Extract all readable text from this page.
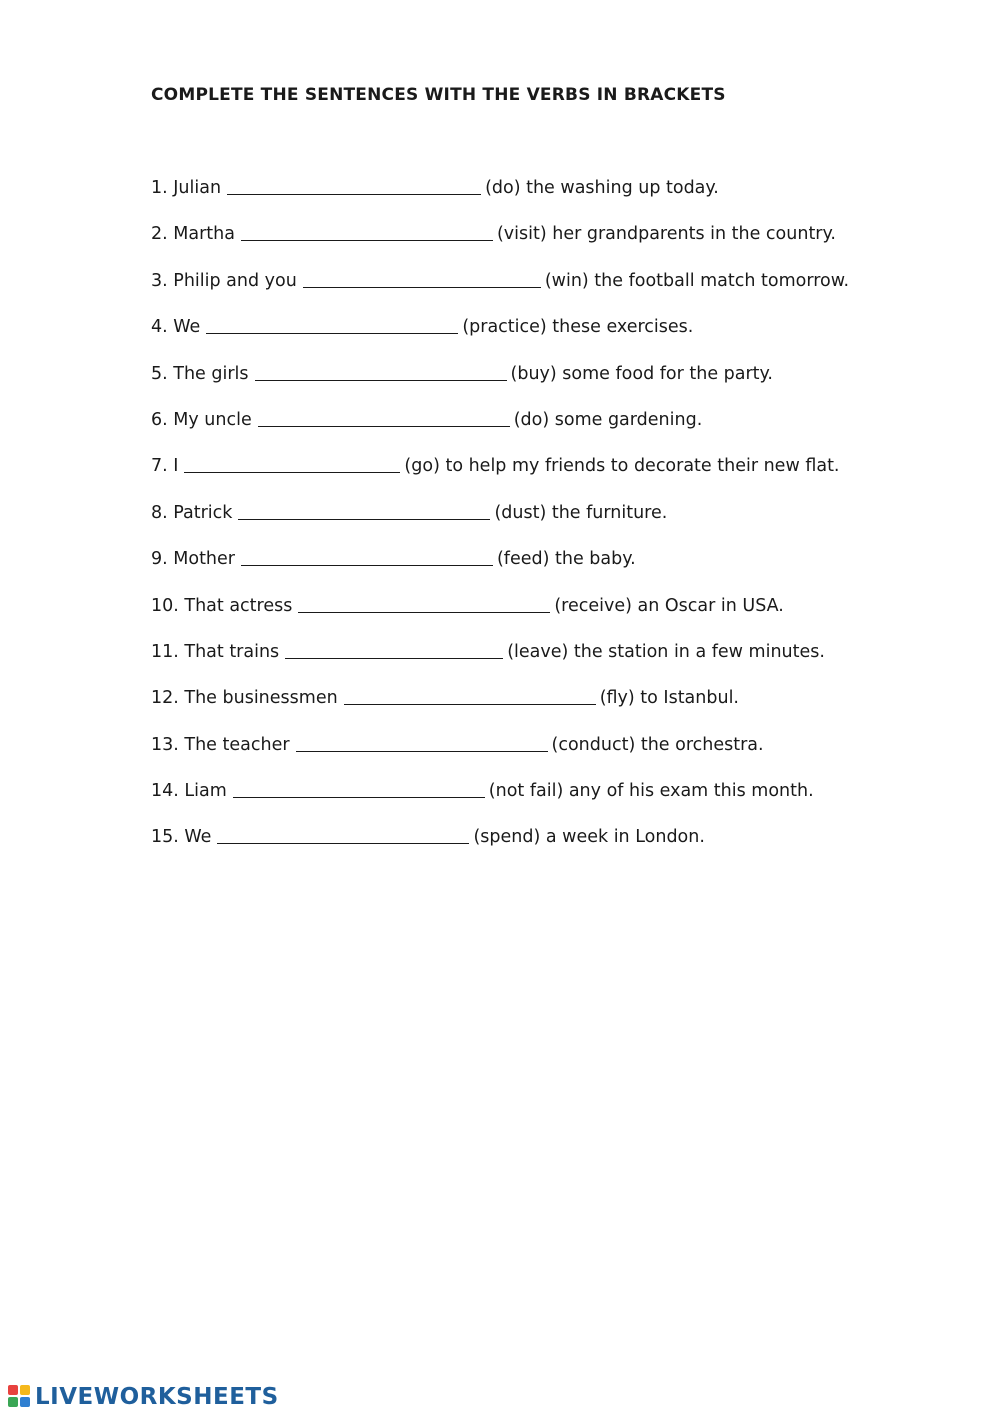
COMPLETE THE SENTENCES WITH THE VERBS IN BRACKETS
1. Julian	(do) the washing up today.
2. Martha	(visit) her grandparents in the country.
3. Philip and you	(win) the football match tomorrow.
4. We	(practice) these exercises.
5. The girls	(buy) some food for the party.
6. My uncle	(do) some gardening.
7. I	(go) to help my friends to decorate their new flat.
8. Patrick	(dust) the furniture.
9. Mother	(feed) the baby.
10. That actress	(receive) an Oscar in USA.
11. That trains	(leave) the station in a few minutes.
12. The businessmen	(fly) to Istanbul.
13. The teacher	(conduct) the orchestra.
14. Liam	(not fail) any of his exam this month.
15. We	(spend) a week in London.
LIVEWORKSHEETS
